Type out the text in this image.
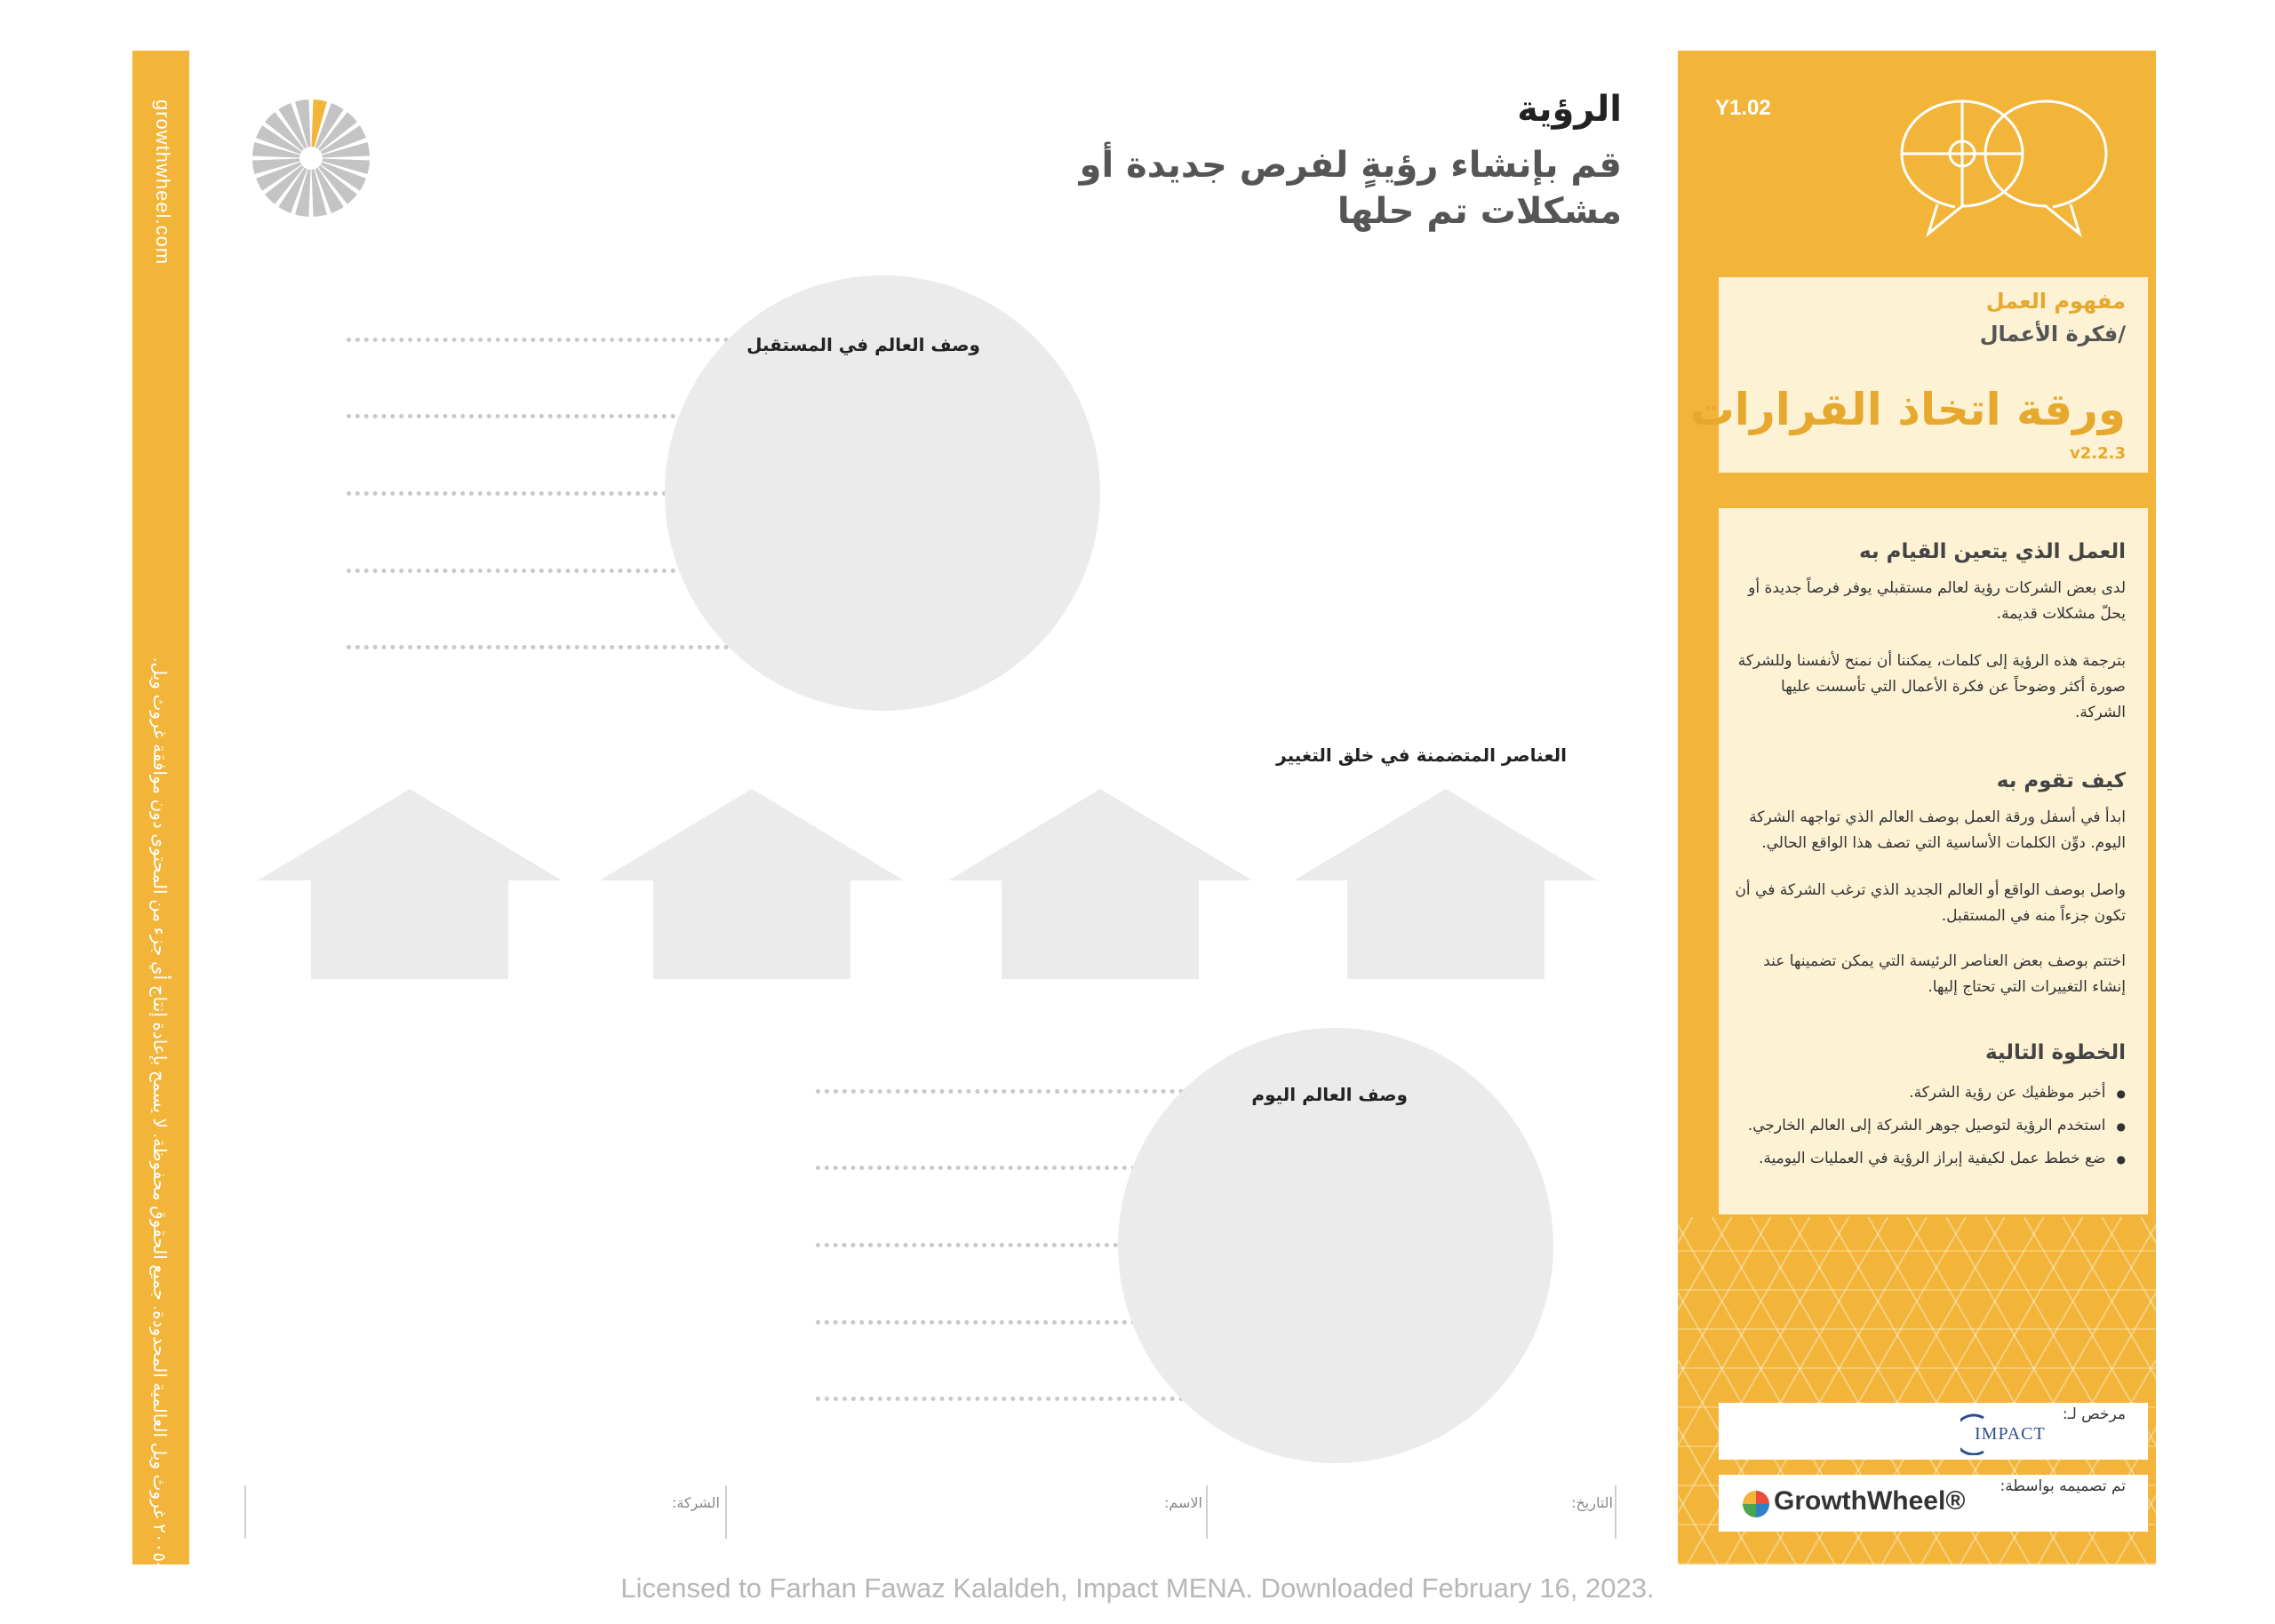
growthwheel.com
© ٢٠١٩-٢٠٠٥ غروث ويل العالمية المحدودة. جميع الحقوق محفوظة. لا يسمح بإعادة إنتاج أي جزء من المحتوى دون موافقة غروث ويل.
الرؤية
قم بإنشاء رؤيةٍ لفرص جديدة أو مشكلات تم حلها
وصف العالم في المستقبل
العناصر المتضمنة في خلق التغيير
وصف العالم اليوم
التاريخ:
الاسم:
الشركة:
Y1.02
مفهوم العمل
/فكرة الأعمال
ورقة اتخاذ القرارات
v2.2.3
العمل الذي يتعين القيام به
لدى بعض الشركات رؤية لعالم مستقبلي يوفر فرصاً جديدة أو يحلّ مشكلات قديمة.
بترجمة هذه الرؤية إلى كلمات، يمكننا أن نمنح لأنفسنا وللشركة صورة أكثر وضوحاً عن فكرة الأعمال التي تأسست عليها الشركة.
كيف تقوم به
ابدأ في أسفل ورقة العمل بوصف العالم الذي تواجهه الشركة اليوم. دوِّن الكلمات الأساسية التي تصف هذا الواقع الحالي.
واصل بوصف الواقع أو العالم الجديد الذي ترغب الشركة في أن تكون جزءاً منه في المستقبل.
اختتم بوصف بعض العناصر الرئيسة التي يمكن تضمينها عند إنشاء التغييرات التي تحتاج إليها.
الخطوة التالية
● أخبر موظفيك عن رؤية الشركة.
● استخدم الرؤية لتوصيل جوهر الشركة إلى العالم الخارجي.
● ضع خطط عمل لكيفية إبراز الرؤية في العمليات اليومية.
مرخص لـ:
IMPACT
تم تصميمه بواسطة:
GrowthWheel®
Licensed to Farhan Fawaz Kalaldeh, Impact MENA. Downloaded February 16, 2023.
